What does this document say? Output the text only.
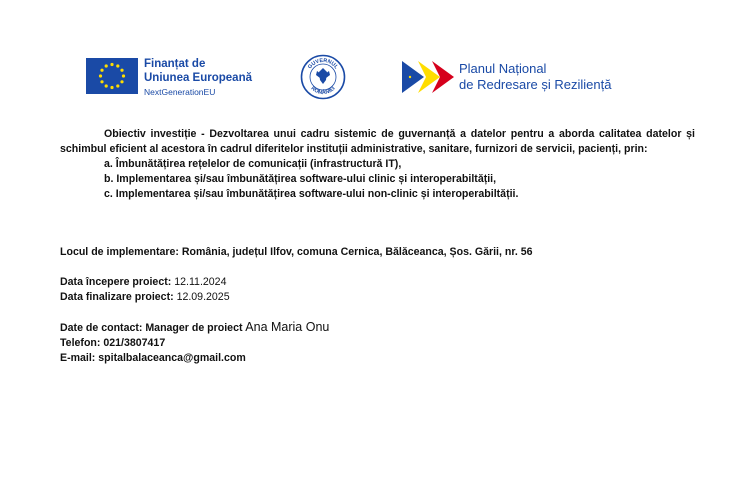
Finanțat de
Uniunea Europeană
NextGenerationEU
GUVERNUL
ROMÂNIEI
Planul Național
de Redresare și Reziliență

Obiectiv investiție - Dezvoltarea unui cadru sistemic de guvernanță a datelor pentru a aborda calitatea datelor și schimbul eficient al acestora în cadrul diferitelor instituții administrative, sanitare, furnizori de servicii, pacienți, prin:

a. Îmbunătățirea rețelelor de comunicații (infrastructură IT),
b. Implementarea și/sau îmbunătățirea software-ului clinic și interoperabiltății,
c. Implementarea și/sau îmbunătățirea software-ului non-clinic și interoperabiltății.
Locul de implementare: România, județul Ilfov, comuna Cernica, Bălăceanca, Șos. Gării, nr. 56
Data începere proiect: 12.11.2024
Data finalizare proiect: 12.09.2025
Date de contact: Manager de proiect Ana Maria Onu
Telefon: 021/3807417
E-mail: spitalbalaceanca@gmail.com
